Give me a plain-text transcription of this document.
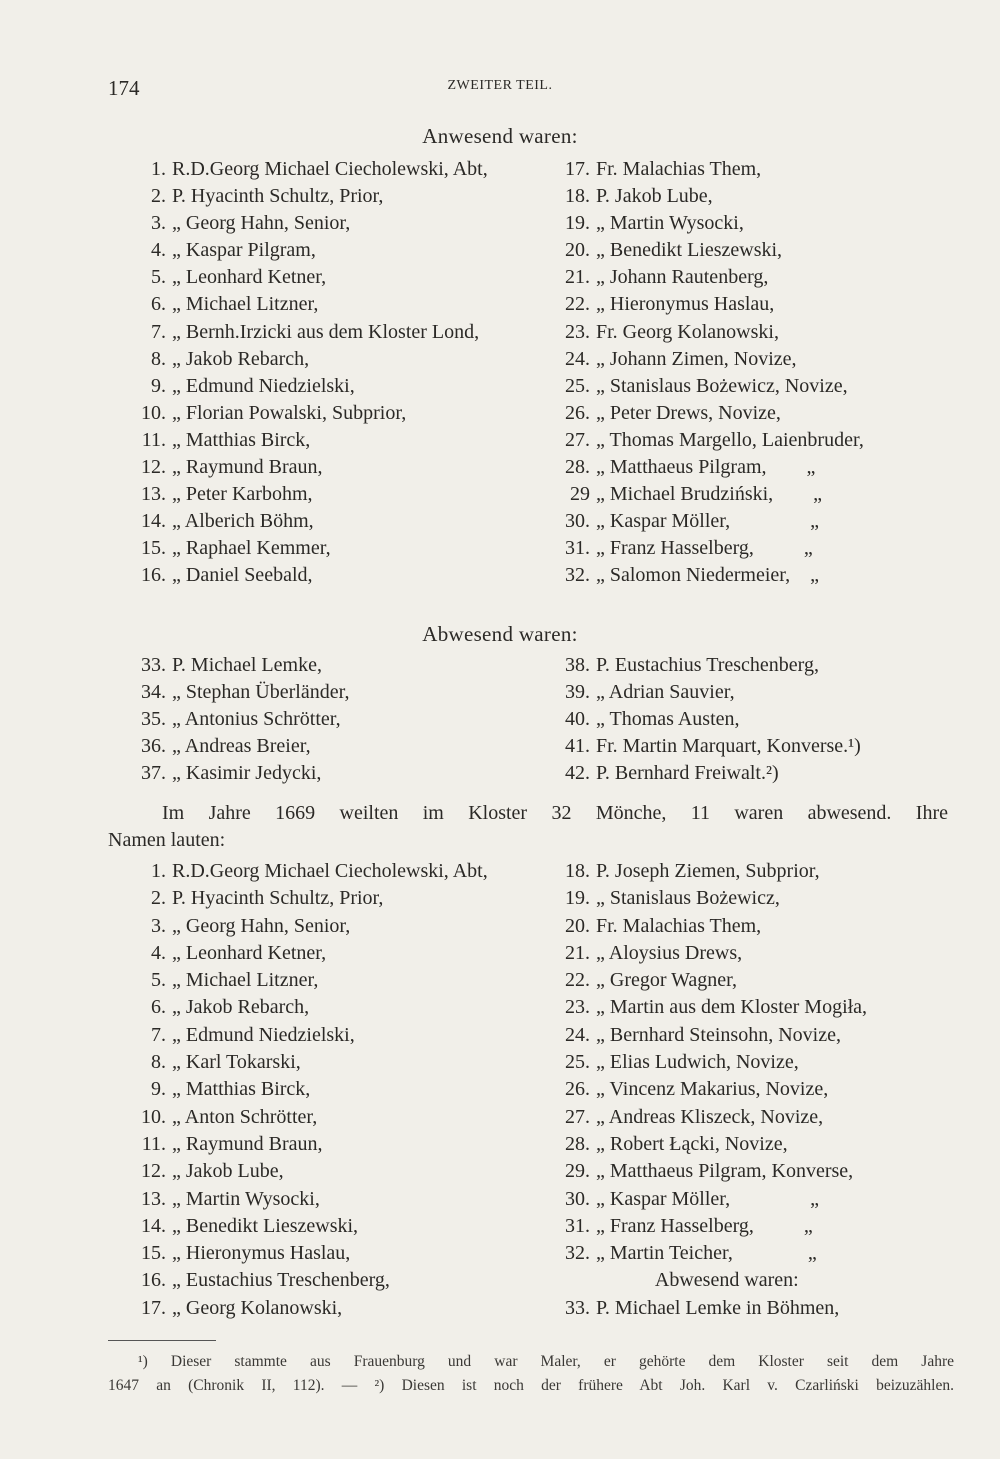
174	ZWEITER TEIL.
Anwesend waren:
1. R.D.Georg Michael Ciecholewski, Abt,
2. P. Hyacinth Schultz, Prior,
3. „ Georg Hahn, Senior,
4. „ Kaspar Pilgram,
5. „ Leonhard Ketner,
6. „ Michael Litzner,
7. „ Bernh.Irzicki aus dem Kloster Lond,
8. „ Jakob Rebarch,
9. „ Edmund Niedzielski,
10. „ Florian Powalski, Subprior,
11. „ Matthias Birck,
12. „ Raymund Braun,
13. „ Peter Karbohm,
14. „ Alberich Böhm,
15. „ Raphael Kemmer,
16. „ Daniel Seebald,
17. Fr. Malachias Them,
18. P. Jakob Lube,
19. „ Martin Wysocki,
20. „ Benedikt Lieszewski,
21. „ Johann Rautenberg,
22. „ Hieronymus Haslau,
23. Fr. Georg Kolanowski,
24. „ Johann Zimen, Novize,
25. „ Stanislaus Bożewicz, Novize,
26. „ Peter Drews, Novize,
27. „ Thomas Margello, Laienbruder,
28. „ Matthaeus Pilgram,        „
29 „ Michael Brudziński,        „
30. „ Kaspar Möller,                „
31. „ Franz Hasselberg,          „
32. „ Salomon Niedermeier,    „
Abwesend waren:
33. P. Michael Lemke,
34. „ Stephan Überländer,
35. „ Antonius Schrötter,
36. „ Andreas Breier,
37. „ Kasimir Jedycki,
38. P. Eustachius Treschenberg,
39. „ Adrian Sauvier,
40. „ Thomas Austen,
41. Fr. Martin Marquart, Konverse.¹)
42. P. Bernhard Freiwalt.²)
Im Jahre 1669 weilten im Kloster 32 Mönche, 11 waren abwesend. Ihre
Namen lauten:
1. R.D.Georg Michael Ciecholewski, Abt,
2. P. Hyacinth Schultz, Prior,
3. „ Georg Hahn, Senior,
4. „ Leonhard Ketner,
5. „ Michael Litzner,
6. „ Jakob Rebarch,
7. „ Edmund Niedzielski,
8. „ Karl Tokarski,
9. „ Matthias Birck,
10. „ Anton Schrötter,
11. „ Raymund Braun,
12. „ Jakob Lube,
13. „ Martin Wysocki,
14. „ Benedikt Lieszewski,
15. „ Hieronymus Haslau,
16. „ Eustachius Treschenberg,
17. „ Georg Kolanowski,
18. P. Joseph Ziemen, Subprior,
19. „ Stanislaus Bożewicz,
20. Fr. Malachias Them,
21. „ Aloysius Drews,
22. „ Gregor Wagner,
23. „ Martin aus dem Kloster Mogiła,
24. „ Bernhard Steinsohn, Novize,
25. „ Elias Ludwich, Novize,
26. „ Vincenz Makarius, Novize,
27. „ Andreas Kliszeck, Novize,
28. „ Robert Łącki, Novize,
29. „ Matthaeus Pilgram, Konverse,
30. „ Kaspar Möller,                „
31. „ Franz Hasselberg,          „
32. „ Martin Teicher,               „
Abwesend waren:
33. P. Michael Lemke in Böhmen,
¹) Dieser stammte aus Frauenburg und war Maler, er gehörte dem Kloster seit dem Jahre
1647 an (Chronik II, 112). — ²) Diesen ist noch der frühere Abt Joh. Karl v. Czarliński beizuzählen.
